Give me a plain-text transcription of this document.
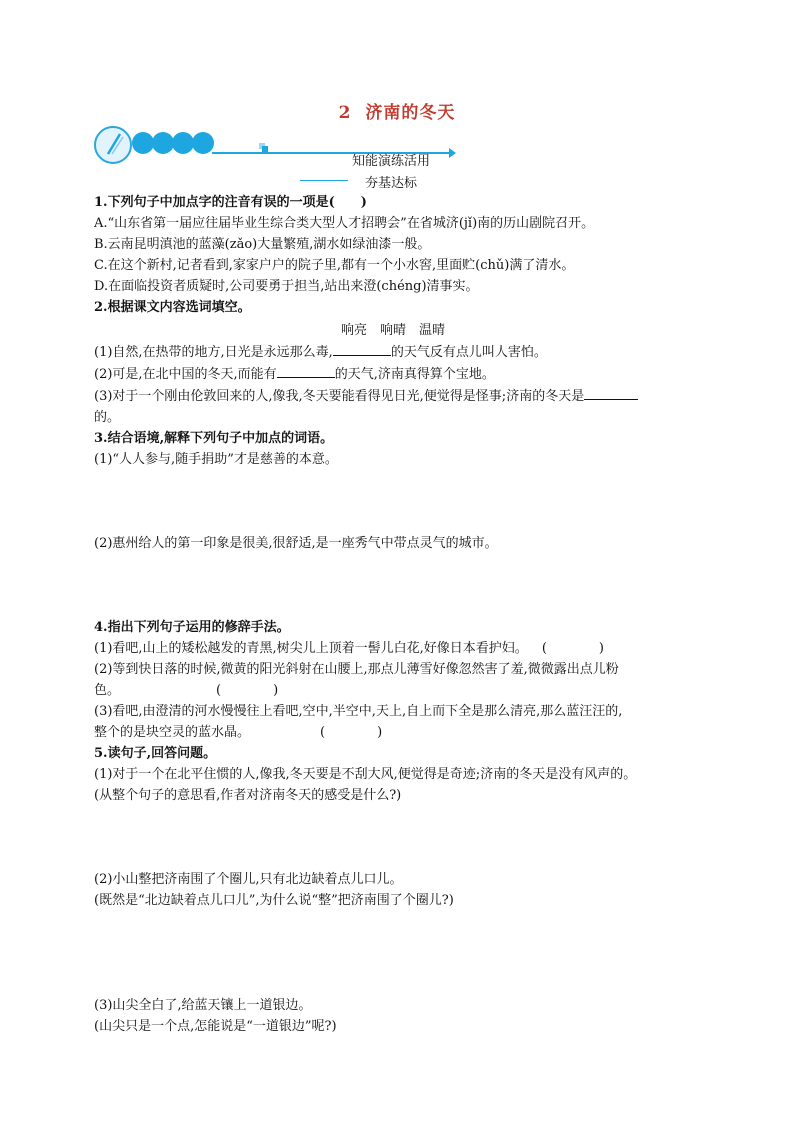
2 济南的冬天
知能演练活用
夯基达标
1.下列句子中加点字的注音有误的一项是(　　)
A.“山东省第一届应往届毕业生综合类大型人才招聘会”在省城济(jǐ)南的历山剧院召开。
B.云南昆明滇池的蓝藻(zǎo)大量繁殖,湖水如绿油漆一般。
C.在这个新村,记者看到,家家户户的院子里,都有一个小水窖,里面贮(chǔ)满了清水。
D.在面临投资者质疑时,公司要勇于担当,站出来澄(chéng)清事实。
2.根据课文内容选词填空。
响亮　响晴　温晴
(1)自然,在热带的地方,日光是永远那么毒,	的天气反有点儿叫人害怕。
(2)可是,在北中国的冬天,而能有	的天气,济南真得算个宝地。
(3)对于一个刚由伦敦回来的人,像我,冬天要能看得见日光,便觉得是怪事;济南的冬天是
的。
3.结合语境,解释下列句子中加点的词语。
(1)“人人参与,随手捐助”才是慈善的本意。
(2)惠州给人的第一印象是很美,很舒适,是一座秀气中带点灵气的城市。
4.指出下列句子运用的修辞手法。
(1)看吧,山上的矮松越发的青黑,树尖儿上顶着一髻儿白花,好像日本看护妇。 (　　　　)
(2)等到快日落的时候,微黄的阳光斜射在山腰上,那点儿薄雪好像忽然害了羞,微微露出点儿粉
色。	(　　　　)
(3)看吧,由澄清的河水慢慢往上看吧,空中,半空中,天上,自上而下全是那么清亮,那么蓝汪汪的,
整个的是块空灵的蓝水晶。	(　　　　)
5.读句子,回答问题。
(1)对于一个在北平住惯的人,像我,冬天要是不刮大风,便觉得是奇迹;济南的冬天是没有风声的。
(从整个句子的意思看,作者对济南冬天的感受是什么?)
(2)小山整把济南围了个圈儿,只有北边缺着点儿口儿。
(既然是“北边缺着点儿口儿”,为什么说“整”把济南围了个圈儿?)
(3)山尖全白了,给蓝天镶上一道银边。
(山尖只是一个点,怎能说是“一道银边”呢?)
